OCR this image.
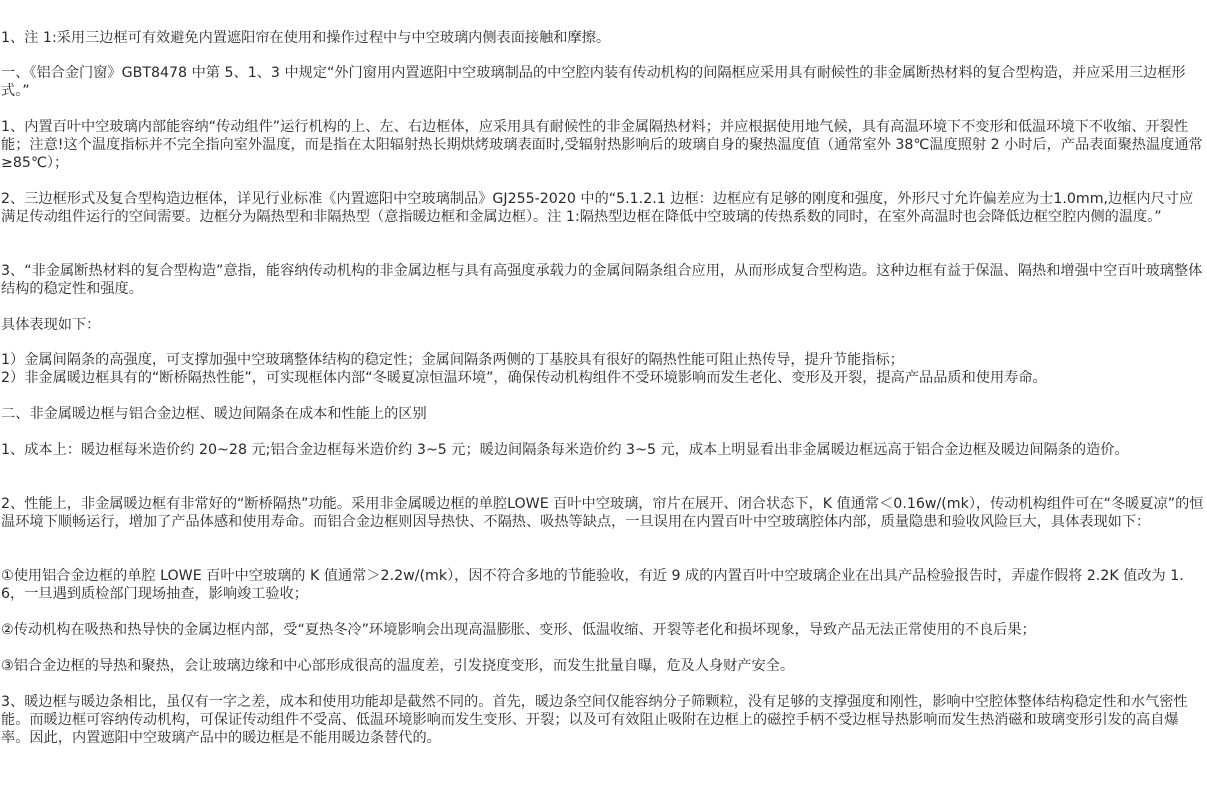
1、注 1:采用三边框可有效避免内置遮阳帘在使用和操作过程中与中空玻璃内侧表面接触和摩擦。

一、《铝合金门窗》GBT8478 中第 5、1、3 中规定“外门窗用内置遮阳中空玻璃制品的中空腔内装有传动机构的间隔框应采用具有耐候性的非金属断热材料的复合型构造，并应采用三边框形式。”

1、内置百叶中空玻璃内部能容纳“传动组件”运行机构的上、左、右边框体，应采用具有耐候性的非金属隔热材料；并应根据使用地气候，具有高温环境下不变形和低温环境下不收缩、开裂性能；注意!这个温度指标并不完全指向室外温度，而是指在太阳辐射热长期烘烤玻璃表面时,受辐射热影响后的玻璃自身的聚热温度值（通常室外 38℃温度照射 2 小时后，产品表面聚热温度通常≥85℃）；

2、三边框形式及复合型构造边框体，详见行业标准《内置遮阳中空玻璃制品》GJ255-2020 中的“5.1.2.1 边框：边框应有足够的刚度和强度，外形尺寸允许偏差应为士1.0mm,边框内尺寸应满足传动组件运行的空间需要。边框分为隔热型和非隔热型（意指暖边框和金属边框）。注 1:隔热型边框在降低中空玻璃的传热系数的同时，在室外高温时也会降低边框空腔内侧的温度。”

3、“非金属断热材料的复合型构造”意指，能容纳传动机构的非金属边框与具有高强度承载力的金属间隔条组合应用，从而形成复合型构造。这种边框有益于保温、隔热和增强中空百叶玻璃整体结构的稳定性和强度。

具体表现如下：

1）金属间隔条的高强度，可支撑加强中空玻璃整体结构的稳定性；金属间隔条两侧的丁基胶具有很好的隔热性能可阻止热传导，提升节能指标；

2）非金属暖边框具有的“断桥隔热性能”，可实现框体内部“冬暖夏凉恒温环境”，确保传动机构组件不受环境影响而发生老化、变形及开裂，提高产品品质和使用寿命。

二、非金属暖边框与铝合金边框、暖边间隔条在成本和性能上的区别

1、成本上：暖边框每米造价约 20~28 元;铝合金边框每米造价约 3~5 元；暖边间隔条每米造价约 3~5 元，成本上明显看出非金属暖边框远高于铝合金边框及暖边间隔条的造价。

2、性能上，非金属暖边框有非常好的“断桥隔热”功能。采用非金属暖边框的单腔LOWE 百叶中空玻璃，帘片在展开、闭合状态下，K 值通常＜0.16w/(mk），传动机构组件可在“冬暖夏凉”的恒温环境下顺畅运行，增加了产品体感和使用寿命。而铝合金边框则因导热快、不隔热、吸热等缺点，一旦误用在内置百叶中空玻璃腔体内部，质量隐患和验收风险巨大，具体表现如下：

①使用铝合金边框的单腔 LOWE 百叶中空玻璃的 K 值通常＞2.2w/(mk），因不符合多地的节能验收，有近 9 成的内置百叶中空玻璃企业在出具产品检验报告时，弄虚作假将 2.2K 值改为 1.6，一旦遇到质检部门现场抽查，影响竣工验收；

②传动机构在吸热和热导快的金属边框内部，受“夏热冬冷”环境影响会出现高温膨胀、变形、低温收缩、开裂等老化和损坏现象，导致产品无法正常使用的不良后果；

③铝合金边框的导热和聚热，会让玻璃边缘和中心部形成很高的温度差，引发挠度变形，而发生批量自曝，危及人身财产安全。

3、暖边框与暖边条相比，虽仅有一字之差，成本和使用功能却是截然不同的。首先，暖边条空间仅能容纳分子筛颗粒，没有足够的支撑强度和刚性，影响中空腔体整体结构稳定性和水气密性能。而暖边框可容纳传动机构，可保证传动组件不受高、低温环境影响而发生变形、开裂；以及可有效阻止吸附在边框上的磁控手柄不受边框导热影响而发生热消磁和玻璃变形引发的高自爆率。因此，内置遮阳中空玻璃产品中的暖边框是不能用暖边条替代的。
